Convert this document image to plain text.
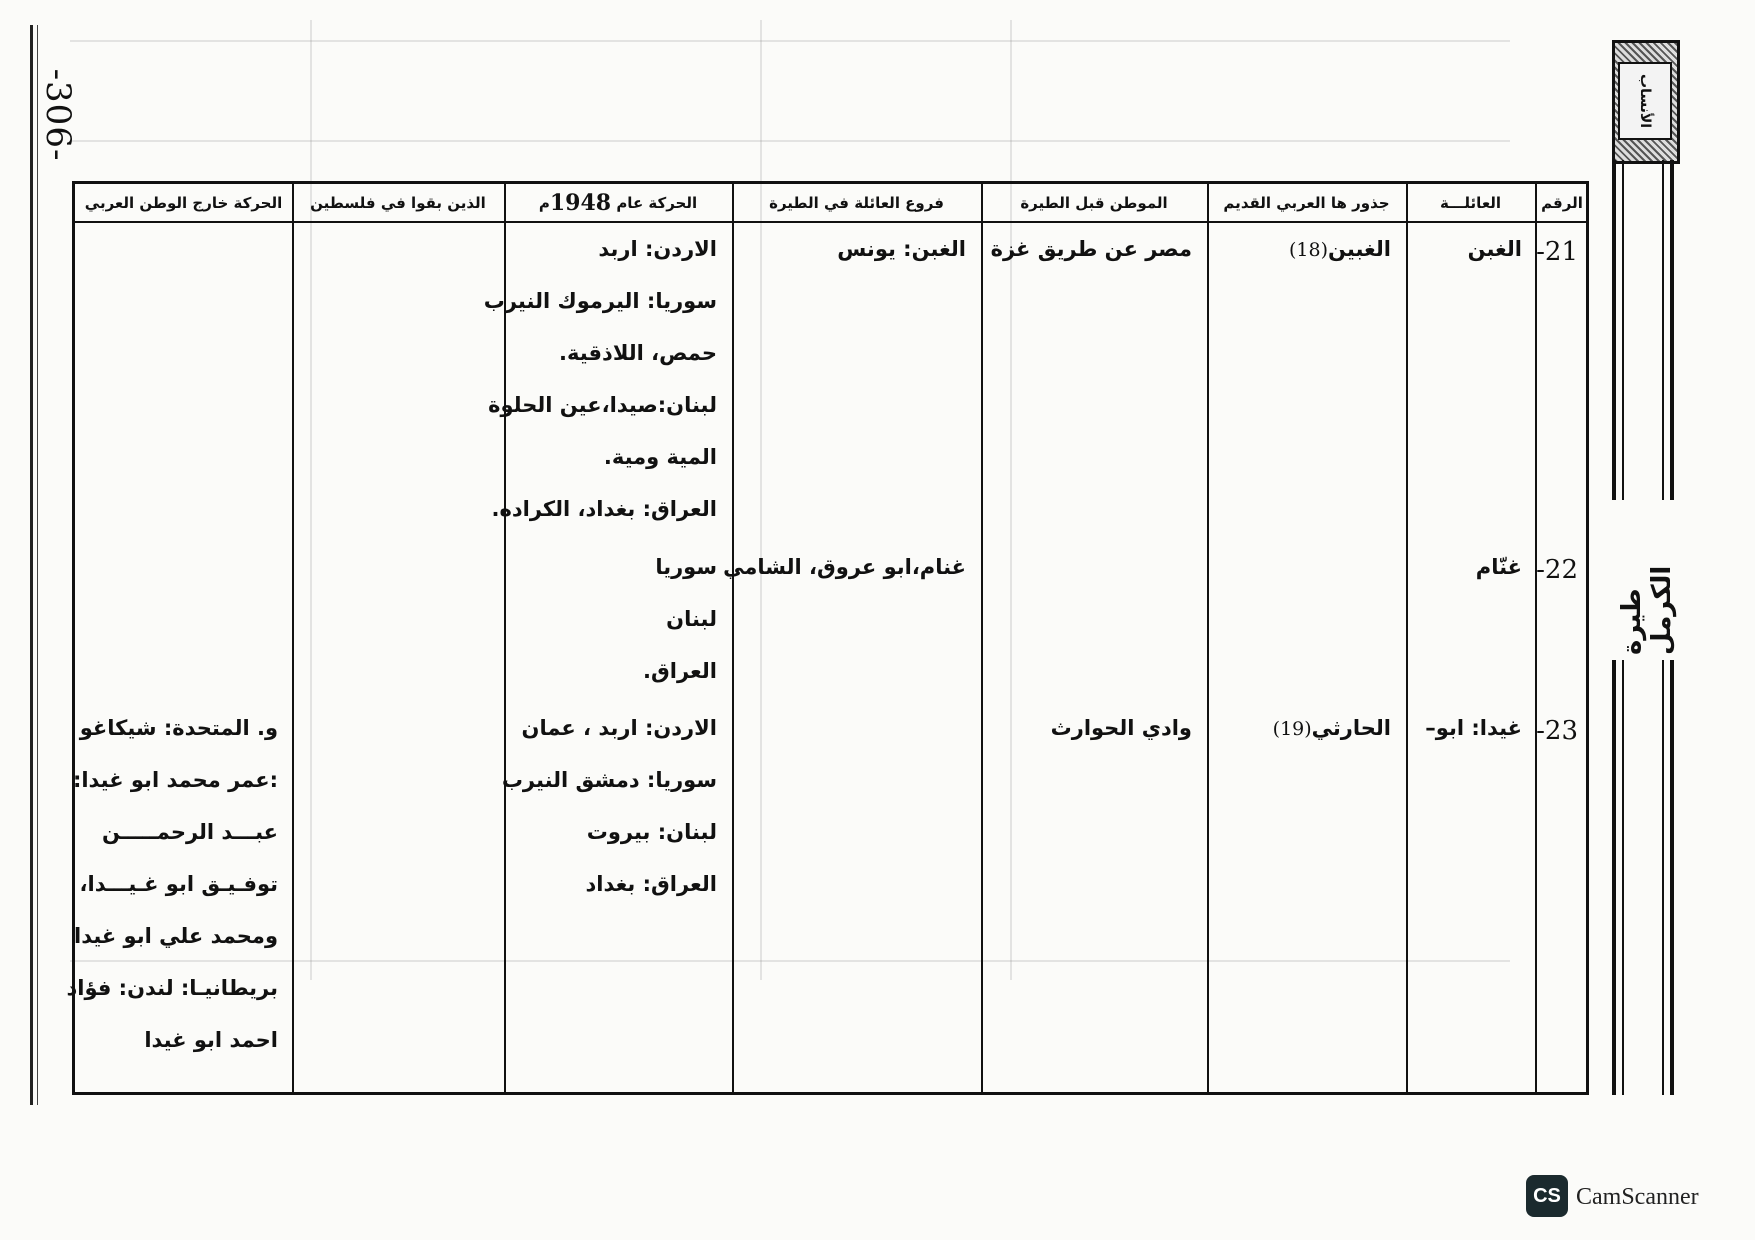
-306-	الأنساب
طيرة الكرمل
الرقم
العائلـــة
جذور ها العربي القديم
الموطن قبل الطيرة
فروع العائلة في الطيرة
الحركة عام

1948
م
الذين بقوا في فلسطين
الحركة خارج الوطن العربي
21-
الغبن
الغبين(18)
مصر عن طريق غزة
الغبن: يونس
الاردن: اربد
سوريا: اليرموك النيرب
حمص، اللاذقية.
لبنان:صيدا،عين الحلوة
المية ومية.
العراق: بغداد، الكراده.
22-
غنّام
غنام،ابو عروق، الشامي
سوريا
لبنان
العراق.
23-
غيدا: ابو–
الحارثي(19)
وادي الحوارث
الاردن: اربد ، عمان
سوريا: دمشق النيرب
لبنان: بيروت
العراق: بغداد
و. المتحدة: شيكاغو
:عمر محمد ابو غيدا:
عبـــد الرحمـــــن
توفـيـق ابو غـيـــدا،
ومحمد علي ابو غيدا
بريطانيـا: لندن: فؤاد
احمد ابو غيدا
CS CamScanner
